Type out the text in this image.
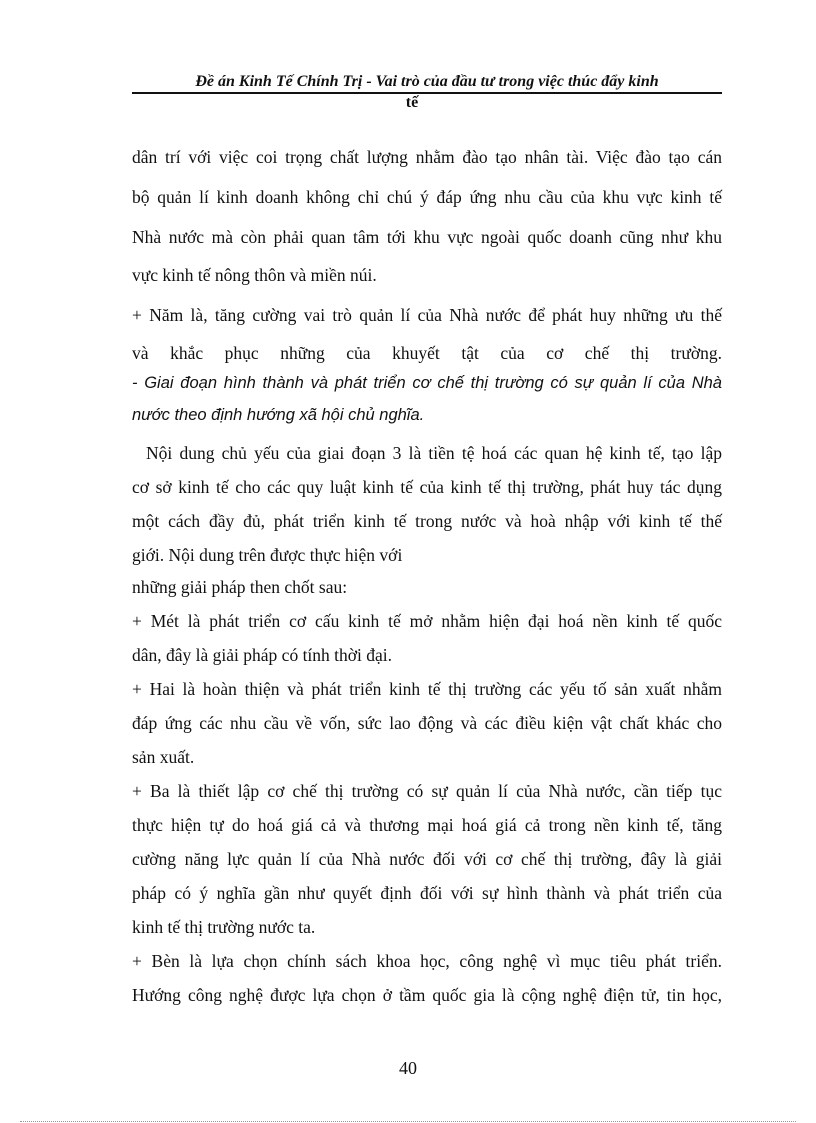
Đề án Kinh Tế Chính Trị - Vai trò của đầu tư trong việc thúc đẩy kinh
tế
dân trí với việc coi trọng chất lượng nhằm đào tạo nhân tài. Việc đào tạo cán
bộ quản lí kinh doanh không chỉ chú ý đáp ứng nhu cầu của khu vực kinh tế
Nhà nước mà còn phải quan tâm tới khu vực ngoài quốc doanh cũng như khu
vực kinh tế nông thôn và miền núi.
+ Năm là, tăng cường vai trò quản lí của Nhà nước để phát huy những ưu thế
và khắc phục những của khuyết tật của cơ chế thị trường.
- Giai đoạn hình thành và phát triển cơ chế thị trường có sự quản lí của Nhà
nước theo định hướng xã hội chủ nghĩa.
Nội dung chủ yếu của giai đoạn 3 là tiền tệ hoá các quan hệ kinh tế, tạo lập
cơ sở kinh tế cho các quy luật kinh tế của kinh tế thị trường, phát huy tác dụng
một cách đầy đủ, phát triển kinh tế trong nước và hoà nhập với kinh tế thế
giới. Nội dung trên được thực hiện với
những giải pháp then chốt sau:
+ Mét là phát triển cơ cấu kinh tế mở nhằm hiện đại hoá nền kinh tế quốc
dân, đây là giải pháp có tính thời đại.
+ Hai là hoàn thiện và phát triển kinh tế thị trường các yếu tố sản xuất nhằm
đáp ứng các nhu cầu về vốn, sức lao động và các điều kiện vật chất khác cho
sản xuất.
+ Ba là thiết lập cơ chế thị trường có sự quản lí của Nhà nước, cần tiếp tục
thực hiện tự do hoá giá cả và thương mại hoá giá cả trong nền kinh tế, tăng
cường năng lực quản lí của Nhà nước đối với cơ chế thị trường, đây là giải
pháp có ý nghĩa gần như quyết định đối với sự hình thành và phát triển của
kinh tế thị trường nước ta.
+ Bèn là lựa chọn chính sách khoa học, công nghệ vì mục tiêu phát triển.
Hướng công nghệ được lựa chọn ở tầm quốc gia là cộng nghệ điện tử, tin học,
40
